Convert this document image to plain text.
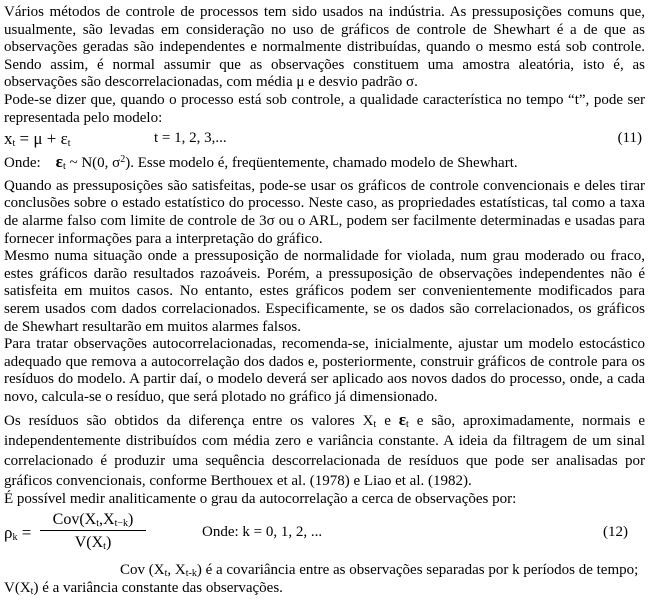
Vários métodos de controle de processos tem sido usados na indústria. As pressuposições comuns que, usualmente, são levadas em consideração no uso de gráficos de controle de Shewhart é a de que as observações geradas são independentes e normalmente distribuídas, quando o mesmo está sob controle. Sendo assim, é normal assumir que as observações constituem uma amostra aleatória, isto é, as observações são descorrelacionadas, com média μ e desvio padrão σ.

Pode-se dizer que, quando o processo está sob controle, a qualidade característica no tempo “t”, pode ser representada pelo modelo:

$x_t = \mu + \varepsilon_t$	t = 1, 2, 3,...	(11)

Onde: $\varepsilon_t$ ~ N(0, $\sigma^2$). Esse modelo é, freqüentemente, chamado modelo de Shewhart.

Quando as pressuposições são satisfeitas, pode-se usar os gráficos de controle convencionais e deles tirar conclusões sobre o estado estatístico do processo. Neste caso, as propriedades estatísticas, tal como a taxa de alarme falso com limite de controle de 3σ ou o ARL, podem ser facilmente determinadas e usadas para fornecer informações para a interpretação do gráfico.

Mesmo numa situação onde a pressuposição de normalidade for violada, num grau moderado ou fraco, estes gráficos darão resultados razoáveis. Porém, a pressuposição de observações independentes não é satisfeita em muitos casos. No entanto, estes gráficos podem ser convenientemente modificados para serem usados com dados correlacionados. Especificamente, se os dados são correlacionados, os gráficos de Shewhart resultarão em muitos alarmes falsos.

Para tratar observações autocorrelacionadas, recomenda-se, inicialmente, ajustar um modelo estocástico adequado que remova a autocorrelação dos dados e, posteriormente, construir gráficos de controle para os resíduos do modelo. A partir daí, o modelo deverá ser aplicado aos novos dados do processo, onde, a cada novo, calcula-se o resíduo, que será plotado no gráfico já dimensionado.

Os resíduos são obtidos da diferença entre os valores $X_t$ e $\varepsilon_t$ e são, aproximadamente, normais e independentemente distribuídos com média zero e variância constante. A ideia da filtragem de um sinal correlacionado é produzir uma sequência descorrelacionada de resíduos que pode ser analisadas por gráficos convencionais, conforme Berthouex et al. (1978) e Liao et al. (1982).

É possível medir analiticamente o grau da autocorrelação a cerca de observações por:

$\rho_k$ =
$Cov(X_t,X_{t-k})$
$V(X_t)$
Onde: k = 0, 1, 2, ...	(12)

Cov ($X_t$, $X_{t-k}$) é a covariância entre as observações separadas por k períodos de tempo;

$V(X_t)$ é a variância constante das observações.
